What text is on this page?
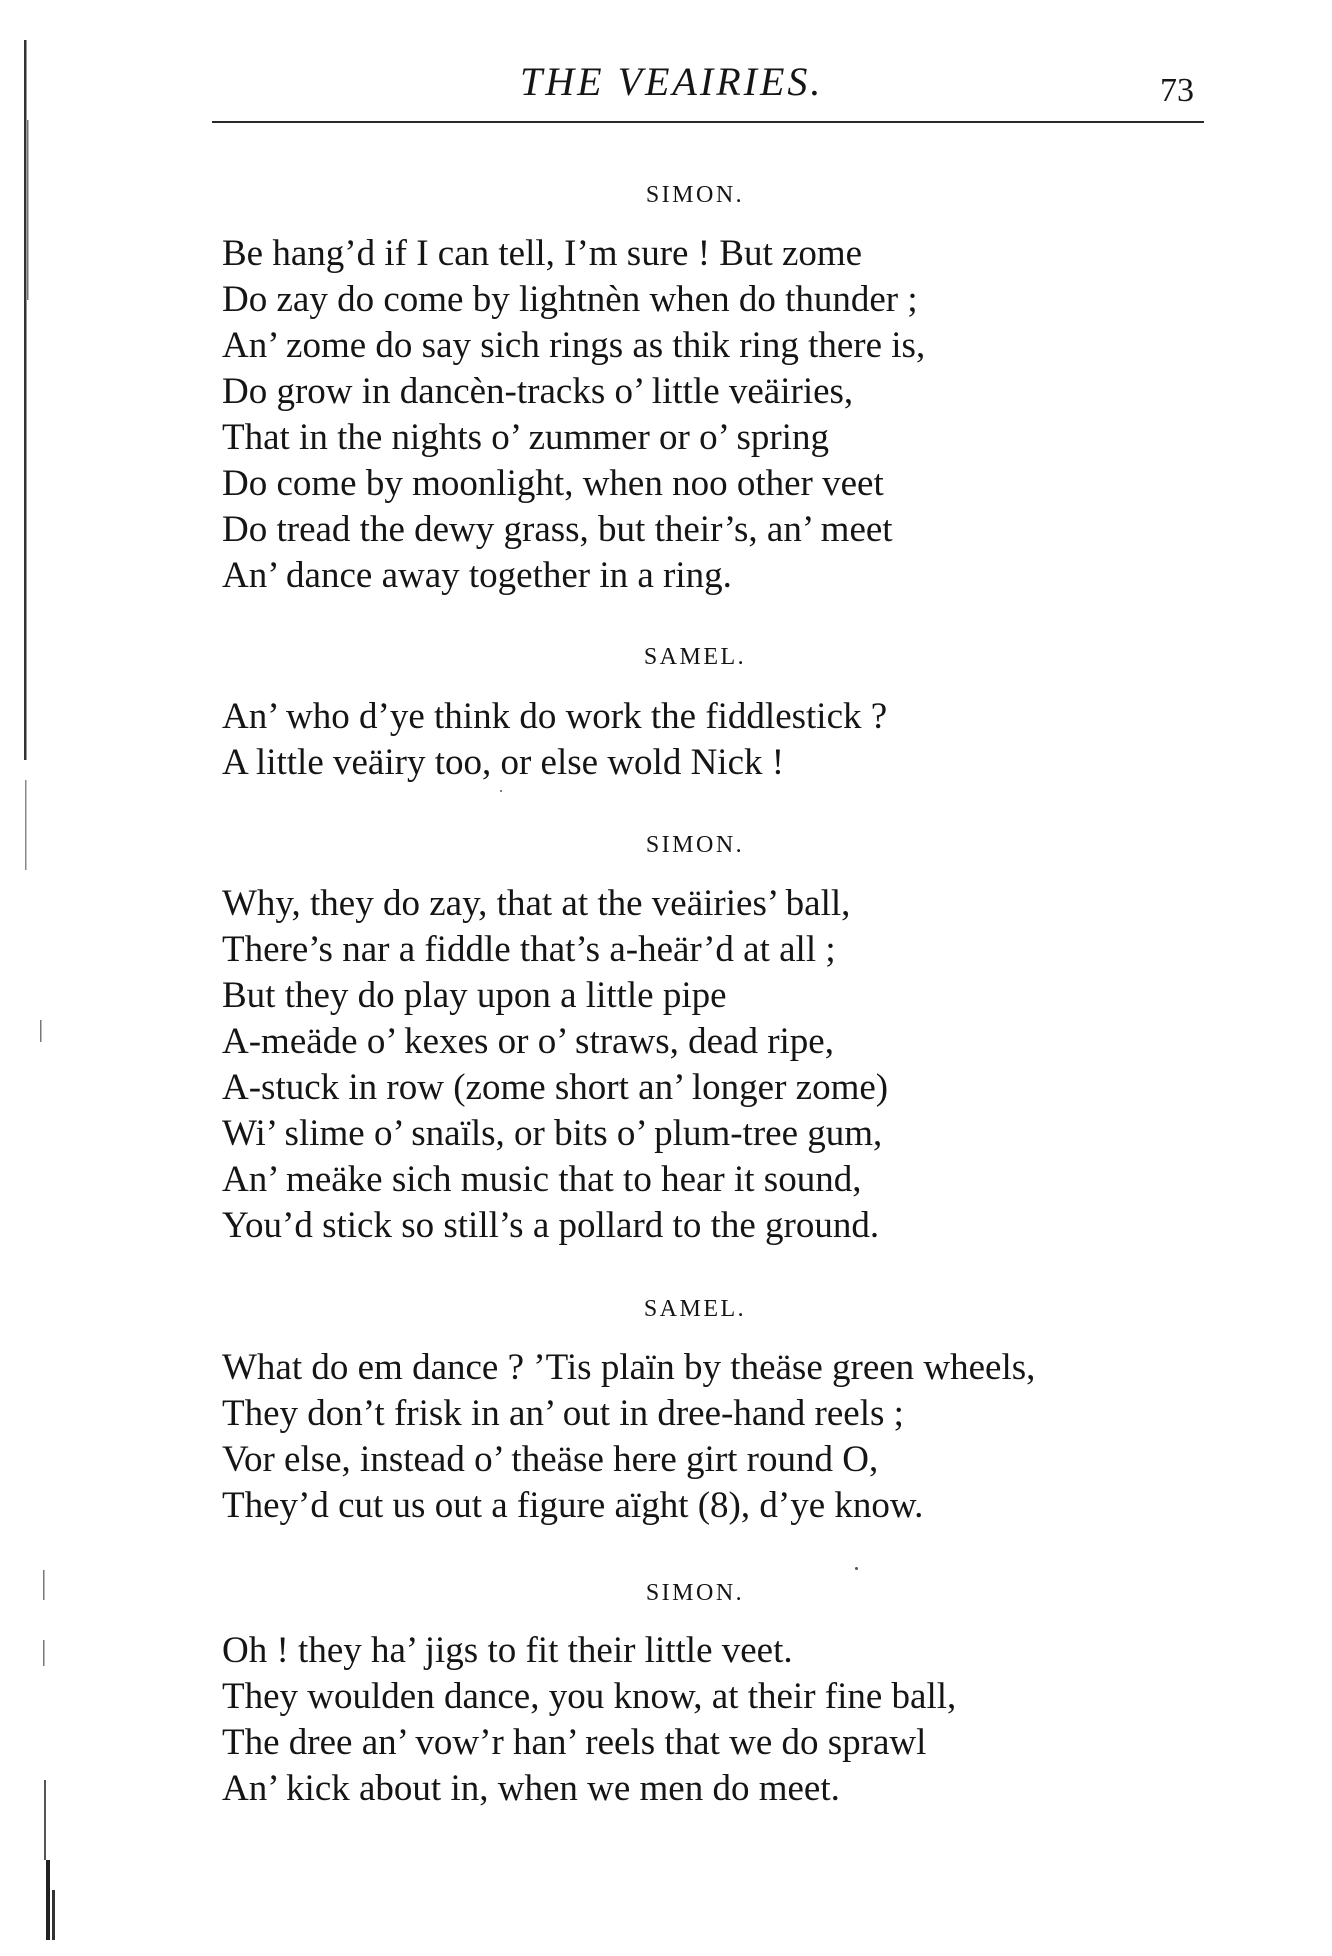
THE VEAIRIES.	73
SIMON.
Be hang’d if I can tell, I’m sure ! But zome
Do zay do come by lightnèn when do thunder ;
An’ zome do say sich rings as thik ring there is,
Do grow in dancèn-tracks o’ little veäiries,
That in the nights o’ zummer or o’ spring
Do come by moonlight, when noo other veet
Do tread the dewy grass, but their’s, an’ meet
An’ dance away together in a ring.
SAMEL.
An’ who d’ye think do work the fiddlestick ?
A little veäiry too, or else wold Nick !
SIMON.
Why, they do zay, that at the veäiries’ ball,
There’s nar a fiddle that’s a-heär’d at all ;
But they do play upon a little pipe
A-meäde o’ kexes or o’ straws, dead ripe,
A-stuck in row (zome short an’ longer zome)
Wi’ slime o’ snaïls, or bits o’ plum-tree gum,
An’ meäke sich music that to hear it sound,
You’d stick so still’s a pollard to the ground.
SAMEL.
What do em dance ? ’Tis plaïn by theäse green wheels,
They don’t frisk in an’ out in dree-hand reels ;
Vor else, instead o’ theäse here girt round O,
They’d cut us out a figure aïght (8), d’ye know.
SIMON.
Oh ! they ha’ jigs to fit their little veet.
They woulden dance, you know, at their fine ball,
The dree an’ vow’r han’ reels that we do sprawl
An’ kick about in, when we men do meet.
